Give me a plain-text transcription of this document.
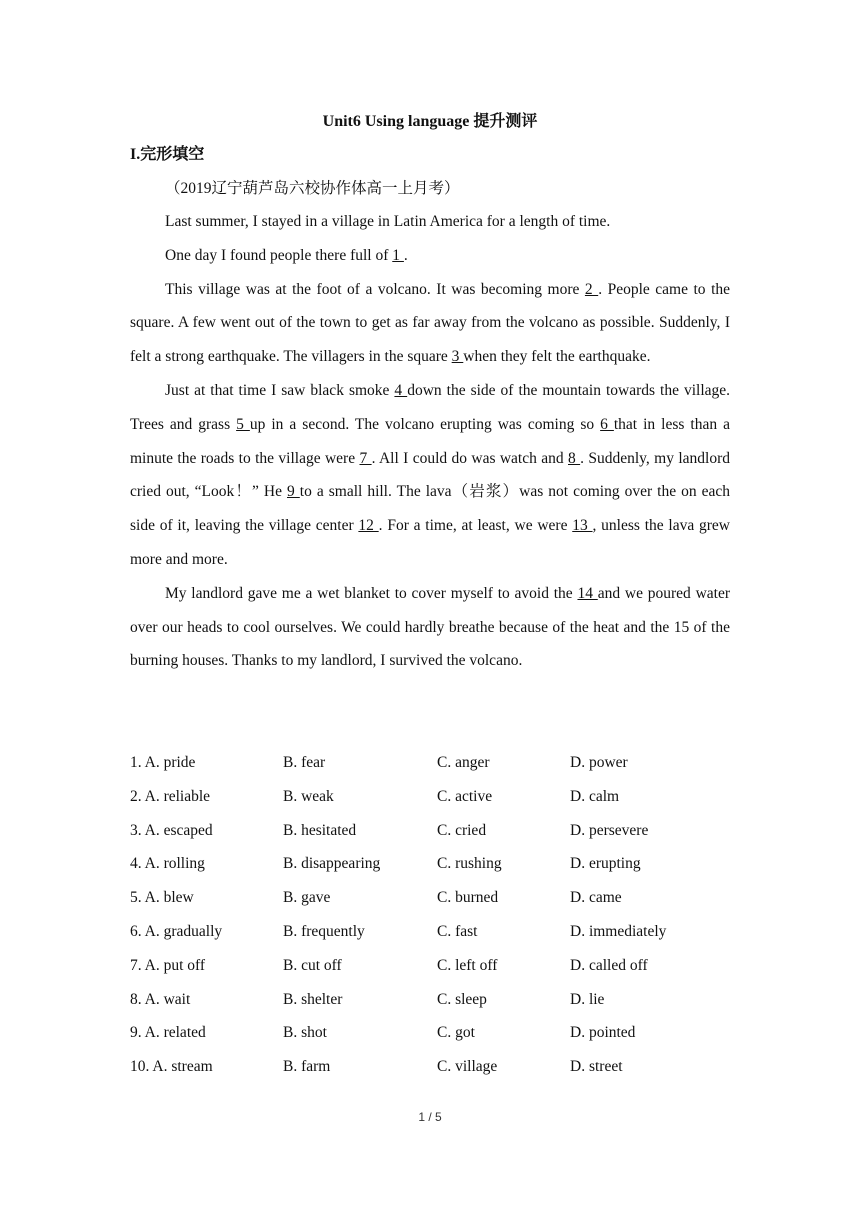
Unit6 Using language 提升测评
I.完形填空
（2019辽宁葫芦岛六校协作体高一上月考）

Last summer, I stayed in a village in Latin America for a length of time.

One day I found people there full of 1 .

This village was at the foot of a volcano. It was becoming more 2 . People came to the square. A few went out of the town to get as far away from the volcano as possible. Suddenly, I felt a strong earthquake. The villagers in the square 3 when they felt the earthquake.

Just at that time I saw black smoke 4 down the side of the mountain towards the village. Trees and grass 5 up in a second. The volcano erupting was coming so 6 that in less than a minute the roads to the village were 7 . All I could do was watch and 8 . Suddenly, my landlord cried out, “Look！” He 9 to a small hill. The lava（岩浆）was not coming over the on each side of it, leaving the village center 12 . For a time, at least, we were 13 , unless the lava grew more and more.

My landlord gave me a wet blanket to cover myself to avoid the 14 and we poured water over our heads to cool ourselves. We could hardly breathe because of the heat and the 15 of the burning houses. Thanks to my landlord, I survived the volcano.

1. A. pride	B. fear	C. anger	D. power
2. A. reliable	B. weak	C. active	D. calm
3. A. escaped	B. hesitated	C. cried	D. persevere
4. A. rolling	B. disappearing	C. rushing	D. erupting
5. A. blew	B. gave	C. burned	D. came
6. A. gradually	B. frequently	C. fast	D. immediately
7. A. put off	B. cut off	C. left off	D. called off
8. A. wait	B. shelter	C. sleep	D. lie
9. A. related	B. shot	C. got	D. pointed
10. A. stream	B. farm	C. village	D. street
1 / 5
